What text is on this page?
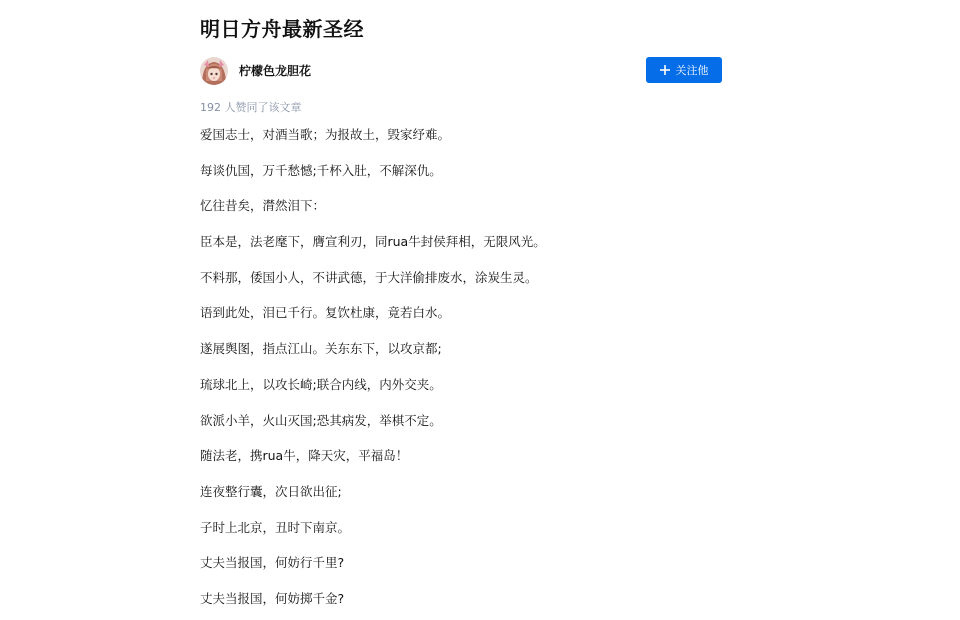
明日方舟最新圣经
柠檬色龙胆花	关注他
192 人赞同了该文章

爱国志士，对酒当歌；为报故土，毁家纾难。

每谈仇国，万千愁憾;千杯入肚，不解深仇。

忆往昔矣，潸然泪下：

臣本是，法老麾下，膺宣利刃，同rua牛封侯拜相，无限风光。

不料那，倭国小人，不讲武德，于大洋偷排废水，涂炭生灵。

语到此处，泪已千行。复饮杜康，竟若白水。

遂展舆图，指点江山。关东东下，以攻京都;

琉球北上，以攻长崎;联合内线，内外交夹。

欲派小羊，火山灭国;恐其病发，举棋不定。

随法老，携rua牛，降天灾，平福岛！

连夜整行囊，次日欲出征;

子时上北京，丑时下南京。

丈夫当报国，何妨行千里?

丈夫当报国，何妨掷千金?
